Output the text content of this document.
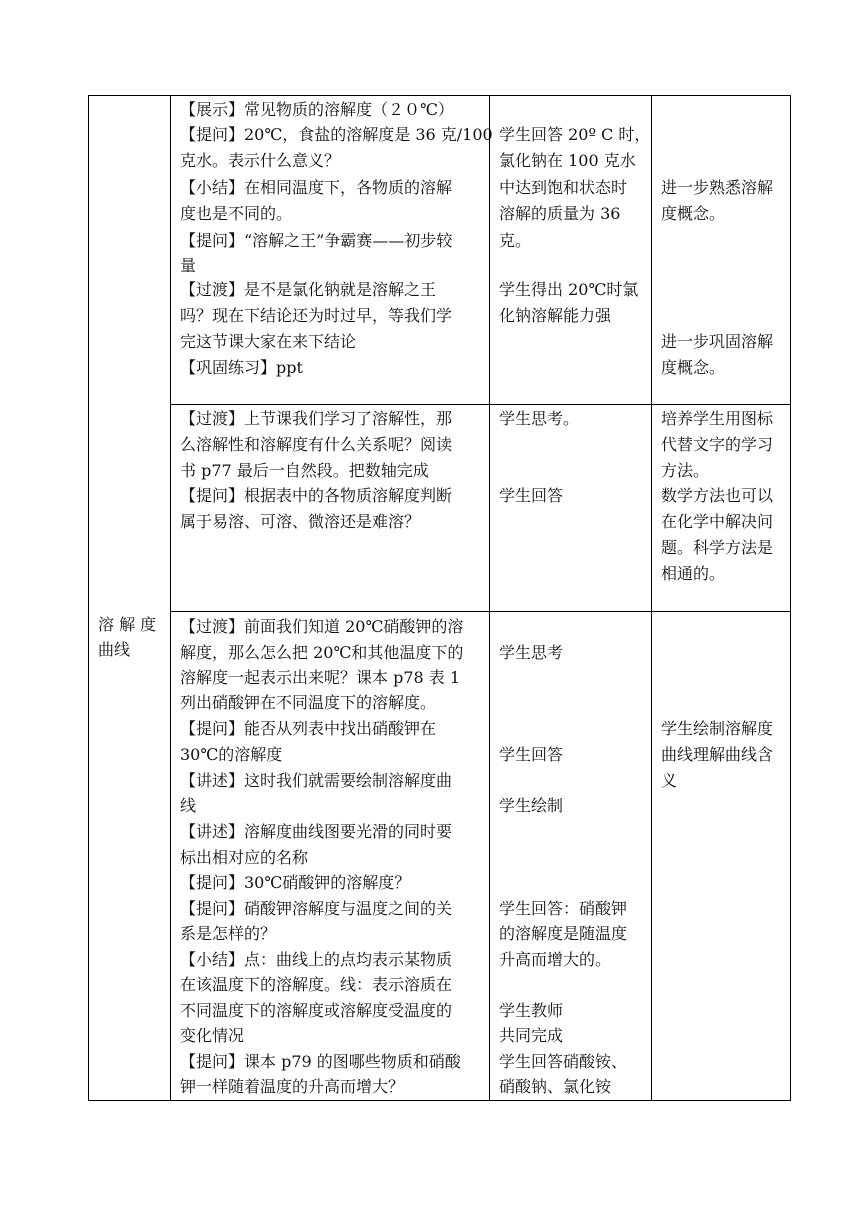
溶 解 度
曲线
【展示】常见物质的溶解度（２０℃）
【提问】20℃，食盐的溶解度是 36 克/100
克水。表示什么意义？
【小结】在相同温度下，各物质的溶解
度也是不同的。
【提问】“溶解之王”争霸赛——初步较
量
【过渡】是不是氯化钠就是溶解之王
吗？现在下结论还为时过早，等我们学
完这节课大家在来下结论
【巩固练习】ppt
学生回答 20º C 时，
氯化钠在 100 克水
中达到饱和状态时
溶解的质量为 36
克。
学生得出 20℃时氯
化钠溶解能力强
进一步熟悉溶解
度概念。
进一步巩固溶解
度概念。
【过渡】上节课我们学习了溶解性，那
么溶解性和溶解度有什么关系呢？阅读
书 p77 最后一自然段。把数轴完成
【提问】根据表中的各物质溶解度判断
属于易溶、可溶、微溶还是难溶？
学生思考。
学生回答
培养学生用图标
代替文字的学习
方法。
数学方法也可以
在化学中解决问
题。科学方法是
相通的。
【过渡】前面我们知道 20℃硝酸钾的溶
解度，那么怎么把 20℃和其他温度下的
溶解度一起表示出来呢？课本 p78 表 1
列出硝酸钾在不同温度下的溶解度。
【提问】能否从列表中找出硝酸钾在
30℃的溶解度
【讲述】这时我们就需要绘制溶解度曲
线
【讲述】溶解度曲线图要光滑的同时要
标出相对应的名称
【提问】30℃硝酸钾的溶解度？
【提问】硝酸钾溶解度与温度之间的关
系是怎样的？
【小结】点：曲线上的点均表示某物质
在该温度下的溶解度。线：表示溶质在
不同温度下的溶解度或溶解度受温度的
变化情况
【提问】课本 p79 的图哪些物质和硝酸
钾一样随着温度的升高而增大？
学生思考
学生回答
学生绘制
学生回答：硝酸钾
的溶解度是随温度
升高而增大的。
学生教师
共同完成
学生回答硝酸铵、
硝酸钠、氯化铵
学生绘制溶解度
曲线理解曲线含
义
